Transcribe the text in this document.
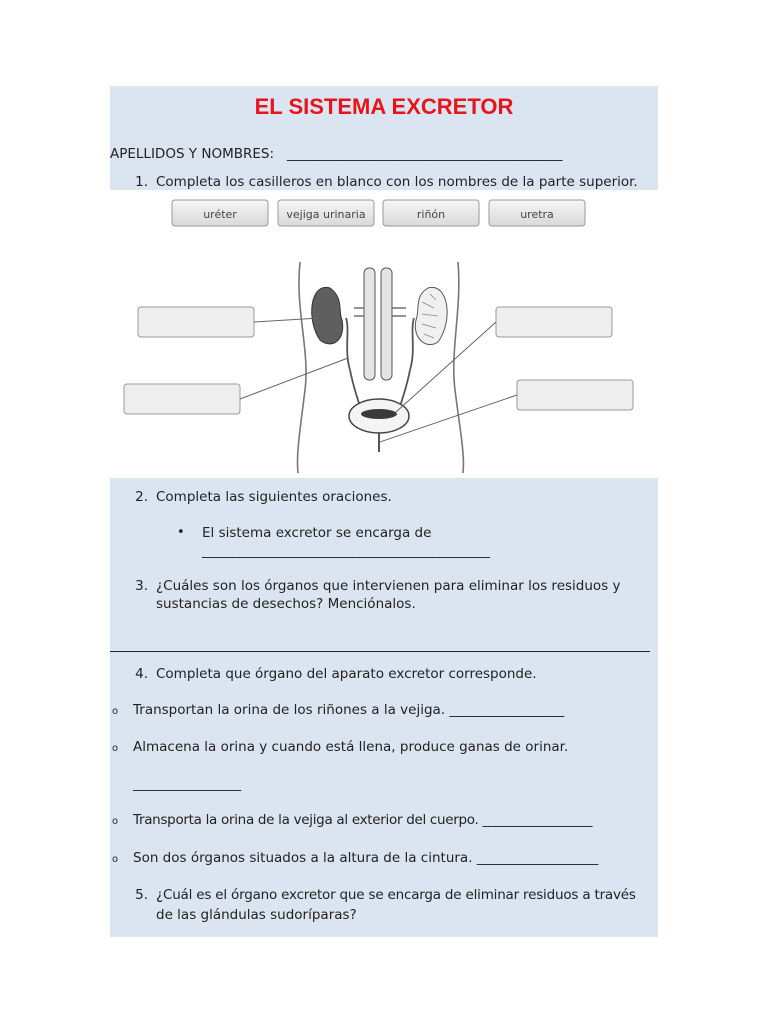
EL SISTEMA EXCRETOR
APELLIDOS Y NOMBRES: ____________________________________________
1. Completa los casilleros en blanco con los nombres de la parte superior.
uréter	vejiga urinaria	riñón	uretra
2. Completa las siguientes oraciones.
• El sistema excretor se encarga de
______________________________________________
3. ¿Cuáles son los órganos que intervienen para eliminar los residuos y
sustancias de desechos? Menciónalos.
4. Completa que órgano del aparato excretor corresponde.
o Transportan la orina de los riñones a la vejiga. _________________
o Almacena la orina y cuando está llena, produce ganas de orinar.
________________
o Transporta la orina de la vejiga al exterior del cuerpo. _________________
o Son dos órganos situados a la altura de la cintura. __________________
5. ¿Cuál es el órgano excretor que se encarga de eliminar residuos a través
de las glándulas sudoríparas?
